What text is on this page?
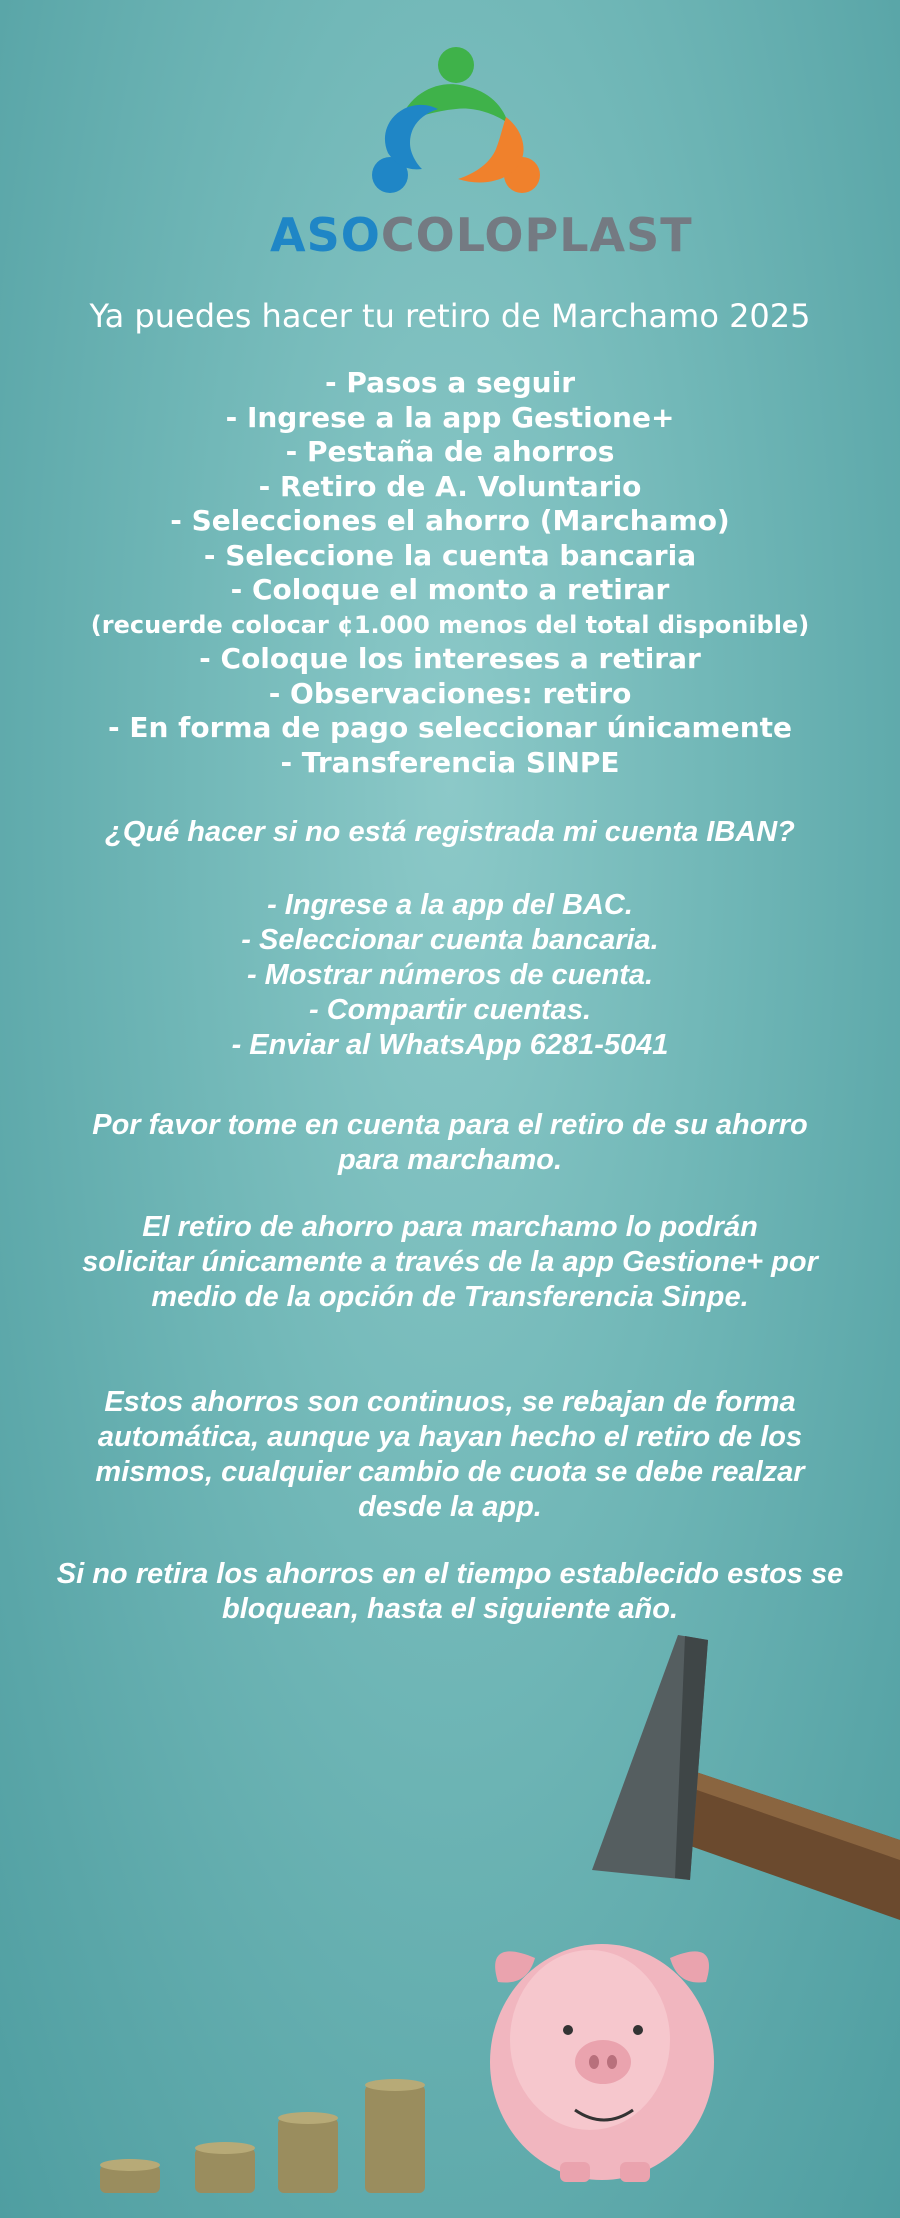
ASOCOLOPLAST
Ya puedes hacer tu retiro de Marchamo 2025
- Pasos a seguir
- Ingrese a la app Gestione+
- Pestaña de ahorros
- Retiro de A. Voluntario
- Selecciones el ahorro (Marchamo)
- Seleccione la cuenta bancaria
- Coloque el monto a retirar
(recuerde colocar ¢1.000 menos del total disponible)
- Coloque los intereses a retirar
- Observaciones: retiro
- En forma de pago seleccionar únicamente
- Transferencia SINPE
¿Qué hacer si no está registrada mi cuenta IBAN?
- Ingrese a la app del BAC.
- Seleccionar cuenta bancaria.
- Mostrar números de cuenta.
- Compartir cuentas.
- Enviar al WhatsApp 6281-5041
Por favor tome en cuenta para el retiro de su ahorro
para marchamo.
El retiro de ahorro para marchamo lo podrán
solicitar únicamente a través de la app Gestione+ por
medio de la opción de Transferencia Sinpe.
Estos ahorros son continuos, se rebajan de forma
automática, aunque ya hayan hecho el retiro de los
mismos, cualquier cambio de cuota se debe realzar
desde la app.
Si no retira los ahorros en el tiempo establecido estos se
bloquean, hasta el siguiente año.
